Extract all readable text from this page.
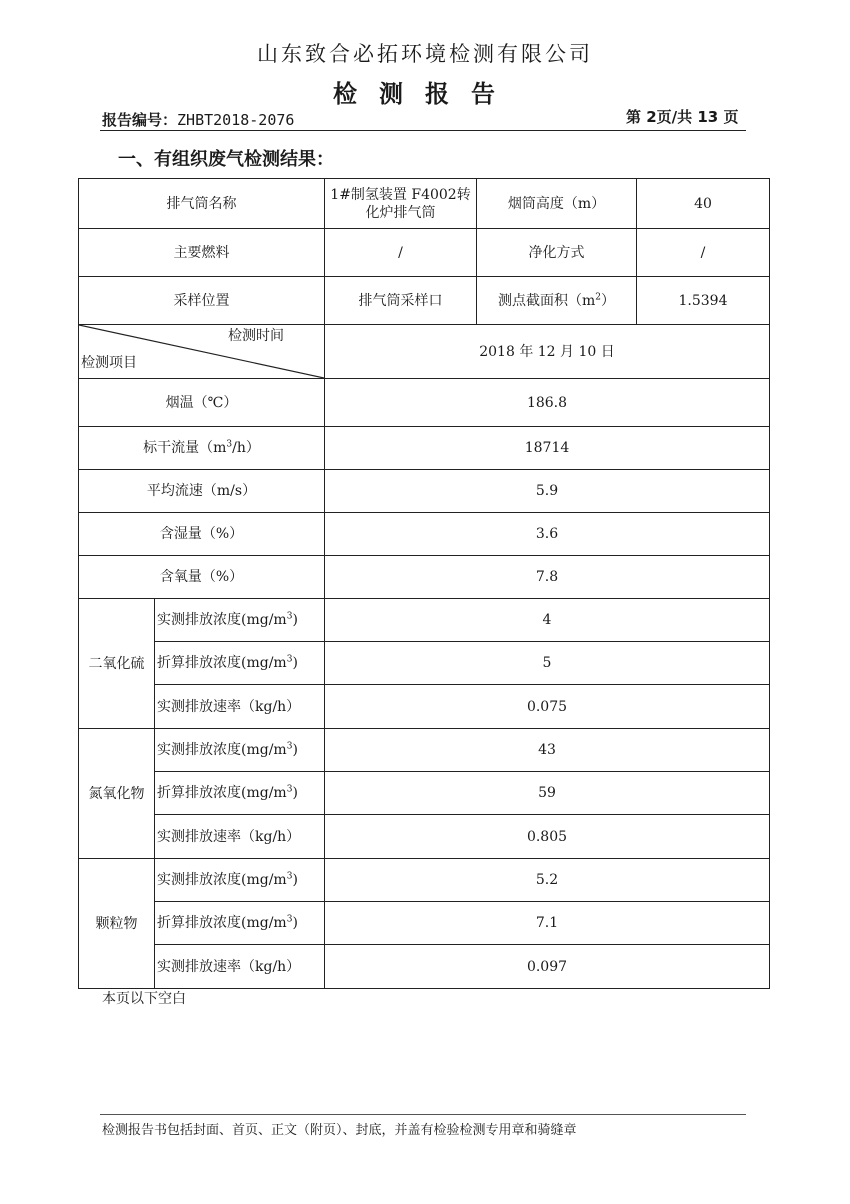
山东致合必拓环境检测有限公司
检测报告
报告编号：ZHBT2018-2076	第 2页/共 13 页
一、有组织废气检测结果：
排气筒名称		1#制氢装置 F4002转化炉排气筒	烟筒高度（m）	40
主要燃料		/	净化方式	/
采样位置		排气筒采样口	测点截面积$(m^2)$	1.5394

检测时间
检测项目		2018 年 12 月 10 日		
烟温（℃）		186.8		
标干流量$(m^3/h)$		18714		
平均流速（m/s）		5.9		
含湿量（%）		3.6		
含氧量（%）		7.8		
二氧化硫	实测排放浓度$(mg/m^3)$	4		
	折算排放浓度$(mg/m^3)$	5		
	实测排放速率（kg/h）	0.075		
氮氧化物	实测排放浓度$(mg/m^3)$	43		
	折算排放浓度$(mg/m^3)$	59		
	实测排放速率（kg/h）	0.805		
颗粒物	实测排放浓度$(mg/m^3)$	5.2		
	折算排放浓度$(mg/m^3)$	7.1		
	实测排放速率（kg/h）	0.097		
本页以下空白
检测报告书包括封面、首页、正文（附页）、封底，并盖有检验检测专用章和骑缝章
